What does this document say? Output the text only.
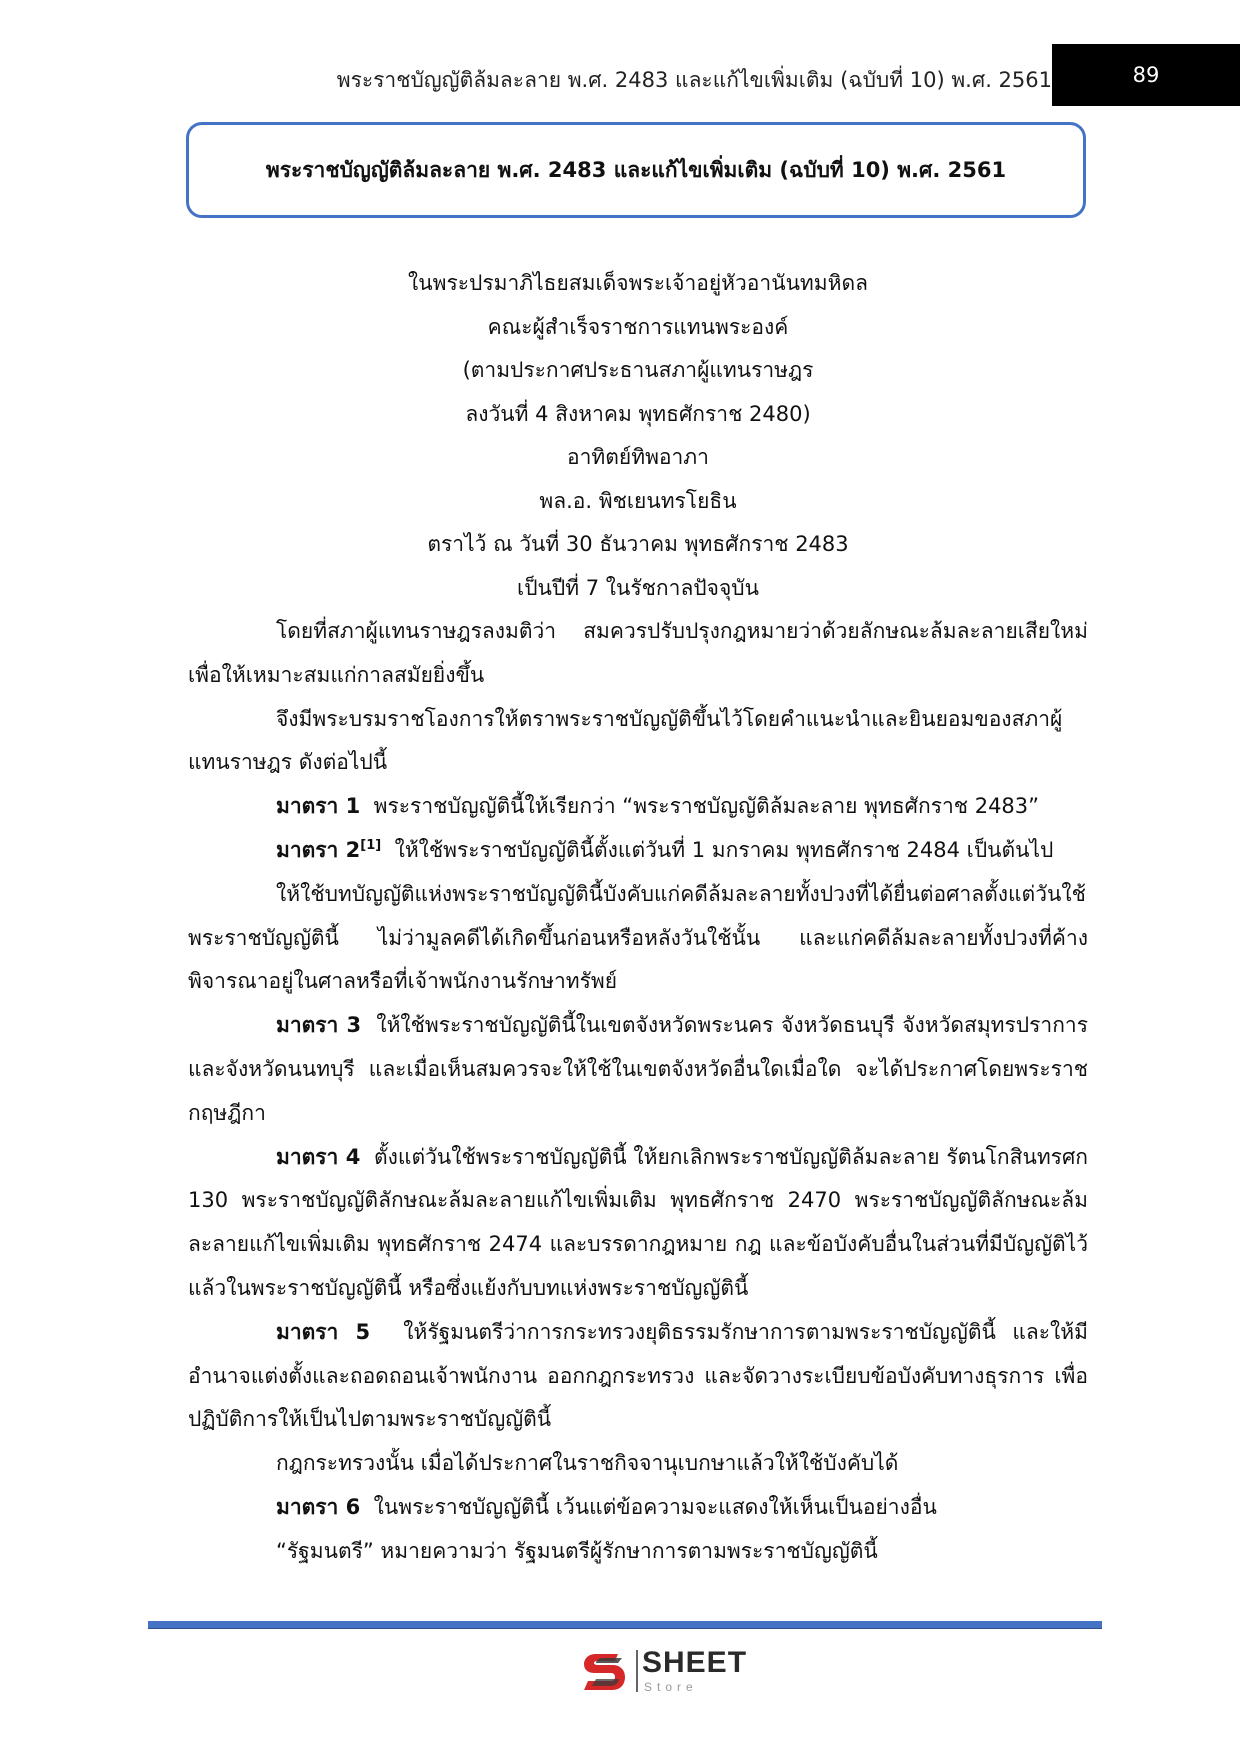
พระราชบัญญัติล้มละลาย พ.ศ. 2483 และแก้ไขเพิ่มเติม (ฉบับที่ 10) พ.ศ. 2561	89
พระราชบัญญัติล้มละลาย พ.ศ. 2483 และแก้ไขเพิ่มเติม (ฉบับที่ 10) พ.ศ. 2561
ในพระปรมาภิไธยสมเด็จพระเจ้าอยู่หัวอานันทมหิดล
คณะผู้สำเร็จราชการแทนพระองค์
(ตามประกาศประธานสภาผู้แทนราษฎร
ลงวันที่ 4 สิงหาคม พุทธศักราช 2480)
อาทิตย์ทิพอาภา
พล.อ. พิชเยนทรโยธิน
ตราไว้ ณ วันที่ 30 ธันวาคม พุทธศักราช 2483
เป็นปีที่ 7 ในรัชกาลปัจจุบัน

โดยที่สภาผู้แทนราษฎรลงมติว่า สมควรปรับปรุงกฎหมายว่าด้วยลักษณะล้มละลายเสียใหม่ เพื่อให้เหมาะสมแก่กาลสมัยยิ่งขึ้น

จึงมีพระบรมราชโองการให้ตราพระราชบัญญัติขึ้นไว้โดยคำแนะนำและยินยอมของสภาผู้แทนราษฎร ดังต่อไปนี้

มาตรา 1 พระราชบัญญัตินี้ให้เรียกว่า “พระราชบัญญัติล้มละลาย พุทธศักราช 2483”

มาตรา 2[1] ให้ใช้พระราชบัญญัตินี้ตั้งแต่วันที่ 1 มกราคม พุทธศักราช 2484 เป็นต้นไป

ให้ใช้บทบัญญัติแห่งพระราชบัญญัตินี้บังคับแก่คดีล้มละลายทั้งปวงที่ได้ยื่นต่อศาลตั้งแต่วันใช้พระราชบัญญัตินี้ ไม่ว่ามูลคดีได้เกิดขึ้นก่อนหรือหลังวันใช้นั้น และแก่คดีล้มละลายทั้งปวงที่ค้างพิจารณาอยู่ในศาลหรือที่เจ้าพนักงานรักษาทรัพย์

มาตรา 3 ให้ใช้พระราชบัญญัตินี้ในเขตจังหวัดพระนคร จังหวัดธนบุรี จังหวัดสมุทรปราการ และจังหวัดนนทบุรี และเมื่อเห็นสมควรจะให้ใช้ในเขตจังหวัดอื่นใดเมื่อใด จะได้ประกาศโดยพระราชกฤษฎีกา

มาตรา 4 ตั้งแต่วันใช้พระราชบัญญัตินี้ ให้ยกเลิกพระราชบัญญัติล้มละลาย รัตนโกสินทรศก 130 พระราชบัญญัติลักษณะล้มละลายแก้ไขเพิ่มเติม พุทธศักราช 2470 พระราชบัญญัติลักษณะล้มละลายแก้ไขเพิ่มเติม พุทธศักราช 2474 และบรรดากฎหมาย กฎ และข้อบังคับอื่นในส่วนที่มีบัญญัติไว้แล้วในพระราชบัญญัตินี้ หรือซึ่งแย้งกับบทแห่งพระราชบัญญัตินี้

มาตรา 5 ให้รัฐมนตรีว่าการกระทรวงยุติธรรมรักษาการตามพระราชบัญญัตินี้ และให้มีอำนาจแต่งตั้งและถอดถอนเจ้าพนักงาน ออกกฎกระทรวง และจัดวางระเบียบข้อบังคับทางธุรการ เพื่อปฏิบัติการให้เป็นไปตามพระราชบัญญัตินี้

กฎกระทรวงนั้น เมื่อได้ประกาศในราชกิจจานุเบกษาแล้วให้ใช้บังคับได้

มาตรา 6 ในพระราชบัญญัตินี้ เว้นแต่ข้อความจะแสดงให้เห็นเป็นอย่างอื่น

“รัฐมนตรี” หมายความว่า รัฐมนตรีผู้รักษาการตามพระราชบัญญัตินี้

SHEET
Store
